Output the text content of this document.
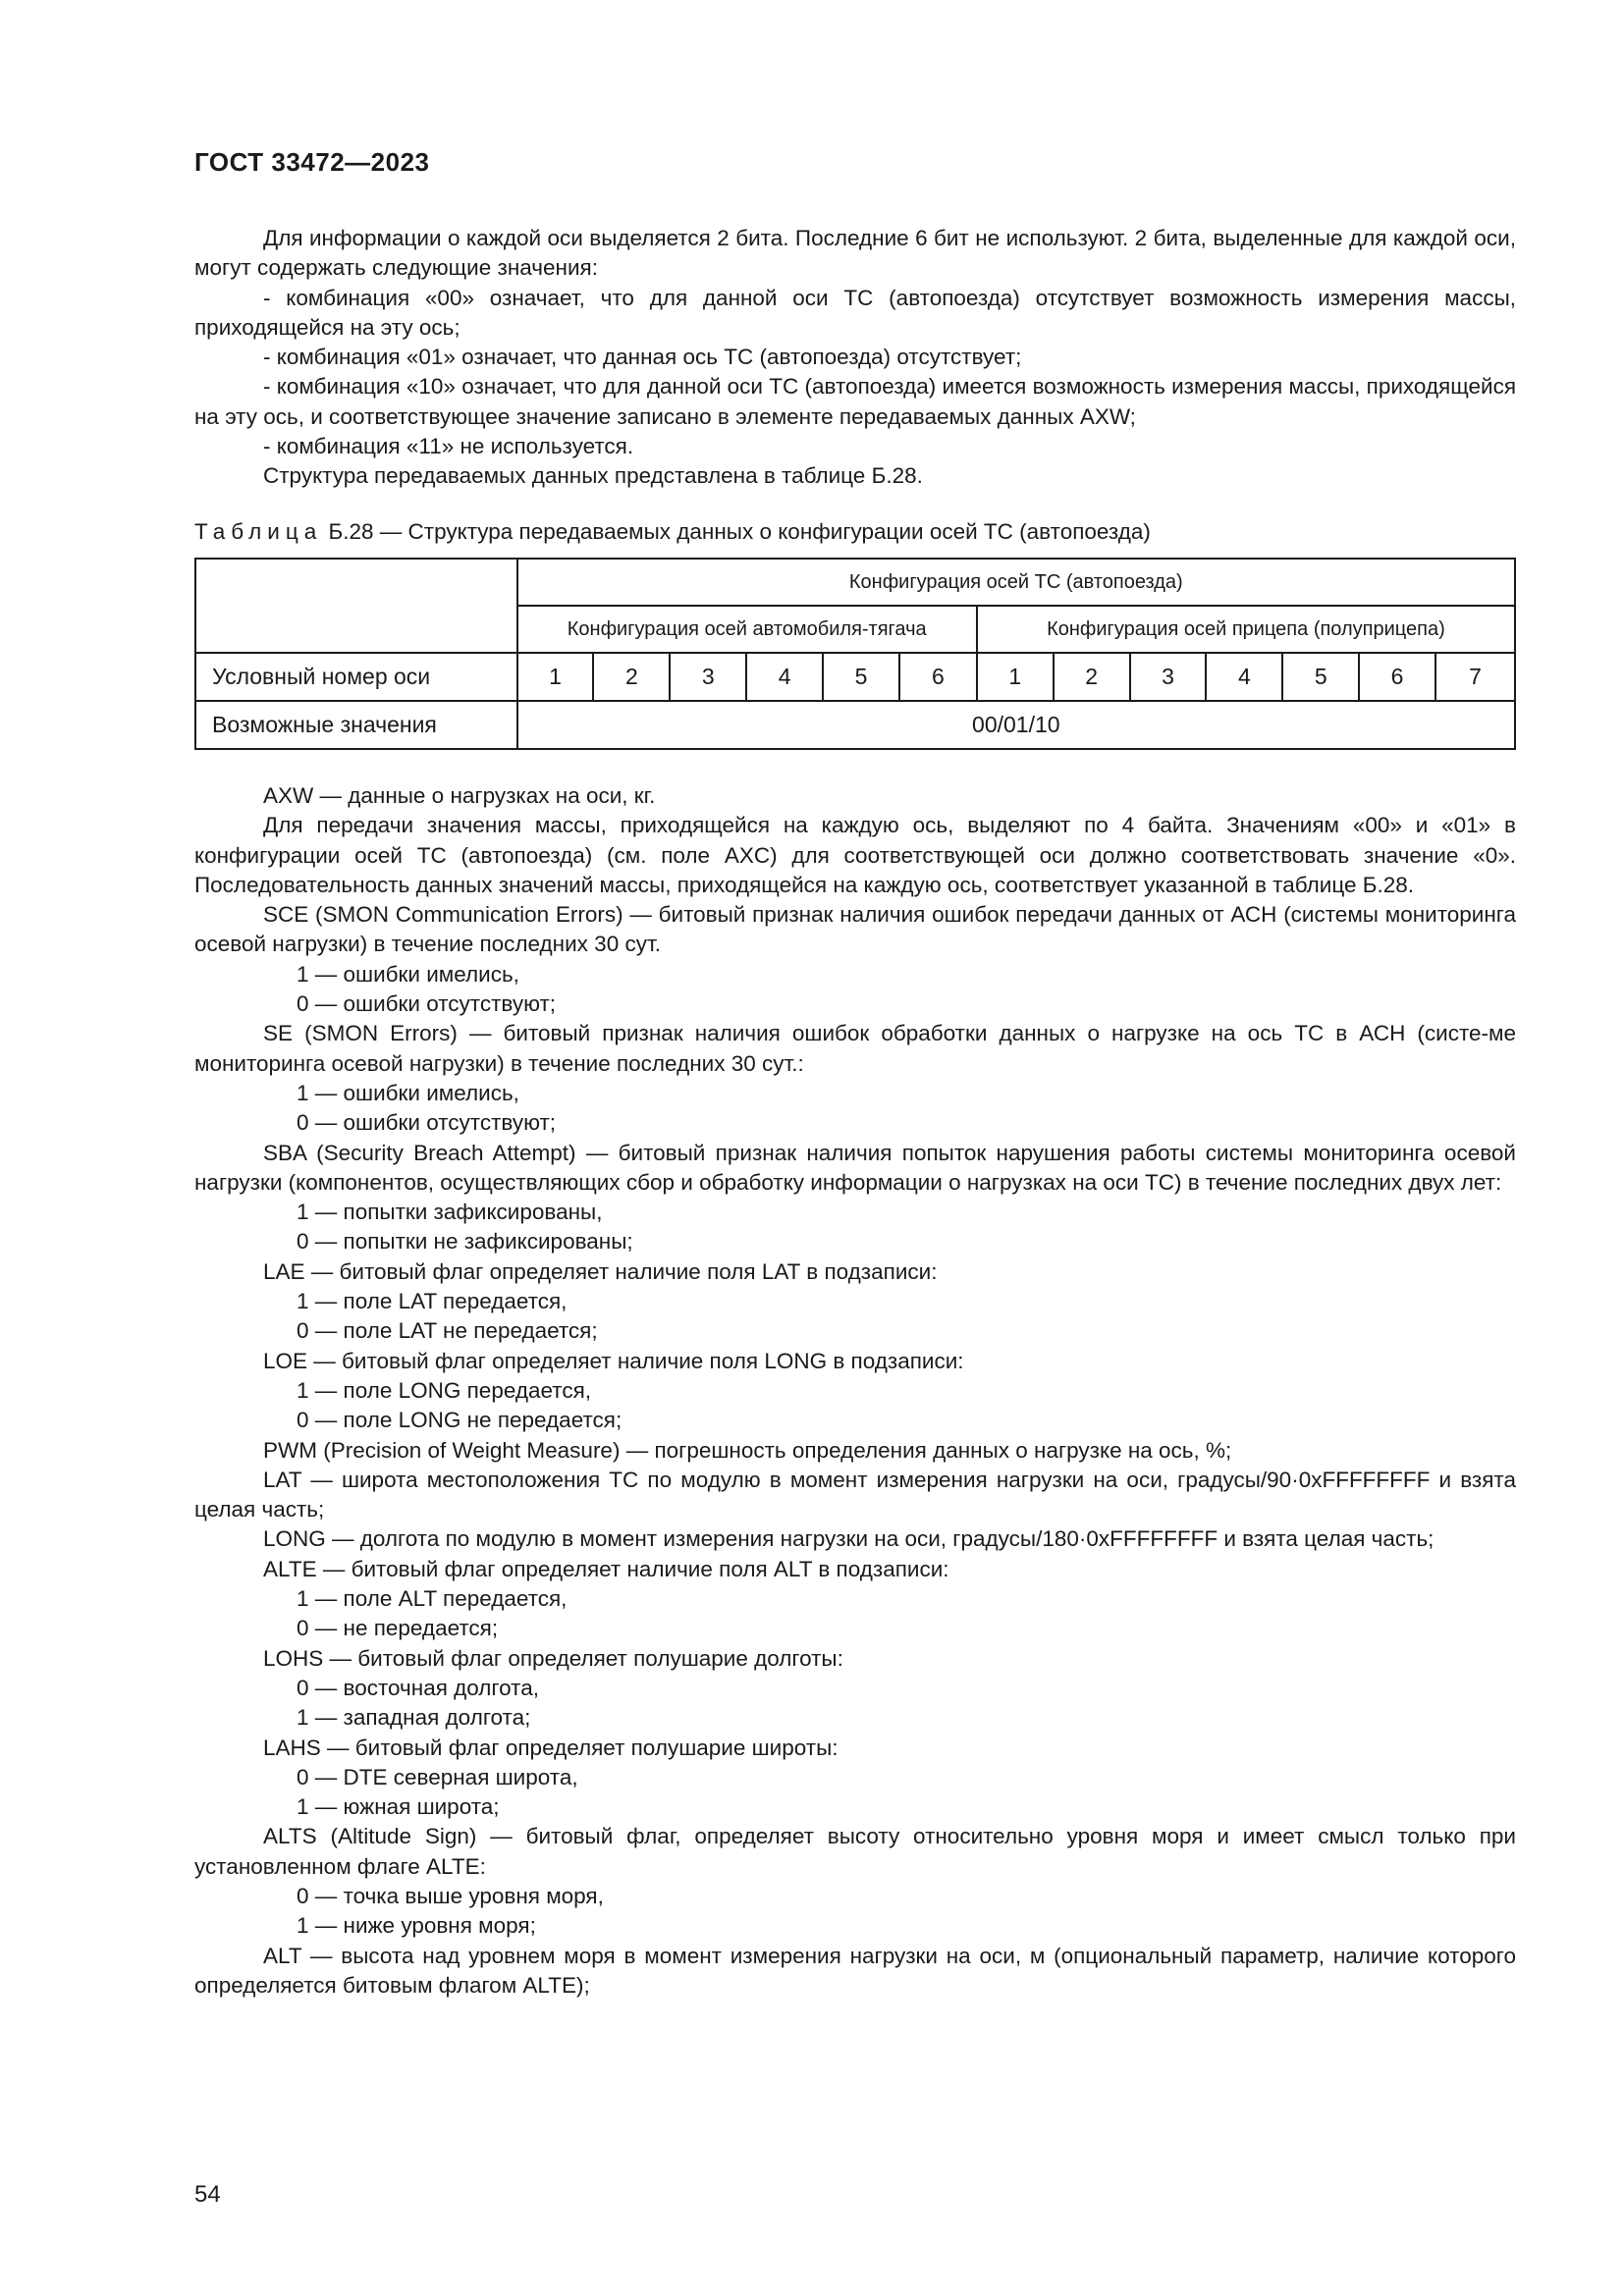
ГОСТ 33472—2023

Для информации о каждой оси выделяется 2 бита. Последние 6 бит не используют. 2 бита, выделенные для каждой оси, могут содержать следующие значения:

- комбинация «00» означает, что для данной оси ТС (автопоезда) отсутствует возможность измерения массы, приходящейся на эту ось;

- комбинация «01» означает, что данная ось ТС (автопоезда) отсутствует;

- комбинация «10» означает, что для данной оси ТС (автопоезда) имеется возможность измерения массы, приходящейся на эту ось, и соответствующее значение записано в элементе передаваемых данных AXW;

- комбинация «11» не используется.

Структура передаваемых данных представлена в таблице Б.28.

Таблица Б.28 — Структура передаваемых данных о конфигурации осей ТС (автопоезда)
	Конфигурация осей ТС (автопоезда)												
	Конфигурация осей автомобиля-тягача						Конфигурация осей прицепа (полуприцепа)						
Условный номер оси	1	2	3	4	5	6	1	2	3	4	5	6	7
Возможные значения	00/01/10												

AXW — данные о нагрузках на оси, кг.

Для передачи значения массы, приходящейся на каждую ось, выделяют по 4 байта. Значениям «00» и «01» в конфигурации осей ТС (автопоезда) (см. поле AXC) для соответствующей оси должно соответствовать значение «0». Последовательность данных значений массы, приходящейся на каждую ось, соответствует указанной в таблице Б.28.

SCE (SMON Communication Errors) — битовый признак наличия ошибок передачи данных от АСН (системы мониторинга осевой нагрузки) в течение последних 30 сут.

1 — ошибки имелись,

0 — ошибки отсутствуют;

SE (SMON Errors) — битовый признак наличия ошибок обработки данных о нагрузке на ось ТС в АСН (систе-ме мониторинга осевой нагрузки) в течение последних 30 сут.:

1 — ошибки имелись,

0 — ошибки отсутствуют;

SBA (Security Breach Attempt) — битовый признак наличия попыток нарушения работы системы мониторинга осевой нагрузки (компонентов, осуществляющих сбор и обработку информации о нагрузках на оси ТС) в течение последних двух лет:

1 — попытки зафиксированы,

0 — попытки не зафиксированы;

LAE — битовый флаг определяет наличие поля LAT в подзаписи:

1 — поле LAT передается,

0 — поле LAT не передается;

LOE — битовый флаг определяет наличие поля LONG в подзаписи:

1 — поле LONG передается,

0 — поле LONG не передается;

PWM (Precision of Weight Measure) — погрешность определения данных о нагрузке на ось, %;

LAT — широта местоположения ТС по модулю в момент измерения нагрузки на оси, градусы/90·0xFFFFFFFF и взята целая часть;

LONG — долгота по модулю в момент измерения нагрузки на оси, градусы/180·0xFFFFFFFF и взята целая часть;

ALTE — битовый флаг определяет наличие поля ALT в подзаписи:

1 — поле ALT передается,

0 — не передается;

LOHS — битовый флаг определяет полушарие долготы:

0 — восточная долгота,

1 — западная долгота;

LAHS — битовый флаг определяет полушарие широты:

0 — DTE северная широта,

1 — южная широта;

ALTS (Altitude Sign) — битовый флаг, определяет высоту относительно уровня моря и имеет смысл только при установленном флаге ALTE:

0 — точка выше уровня моря,

1 — ниже уровня моря;

ALT — высота над уровнем моря в момент измерения нагрузки на оси, м (опциональный параметр, наличие которого определяется битовым флагом ALTE);

54
